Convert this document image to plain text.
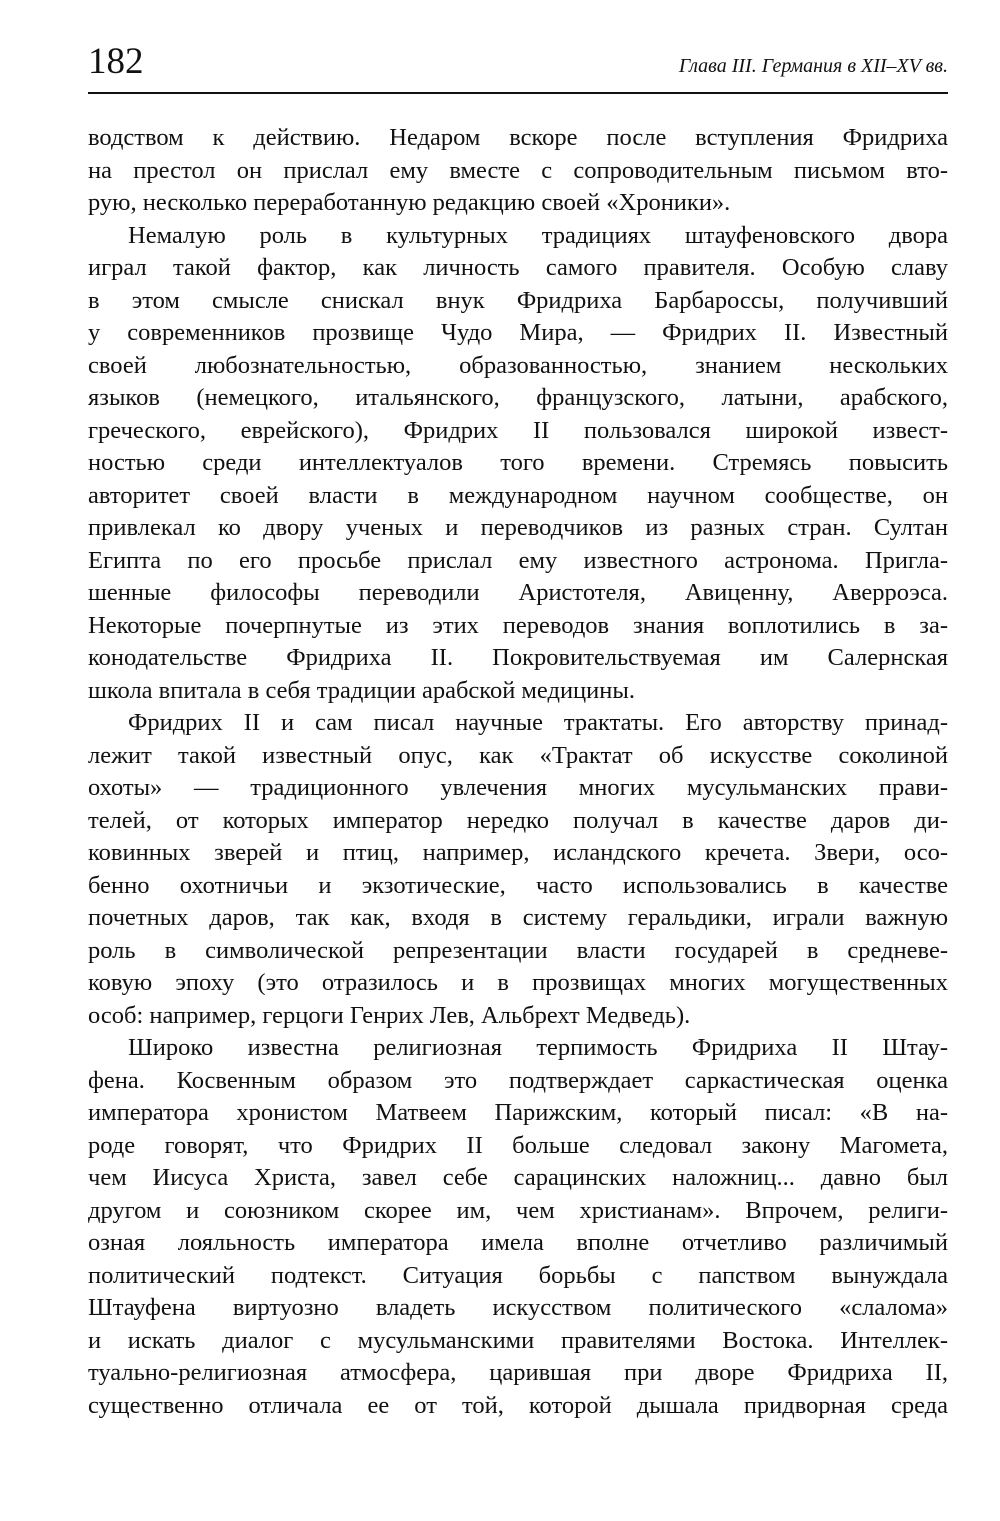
182	Глава III. Германия в XII–XV вв.
водством к действию. Недаром вскоре после вступления Фридриха
на престол он прислал ему вместе с сопроводительным письмом вто-
рую, несколько переработанную редакцию своей «Хроники».
Немалую роль в культурных традициях штауфеновского двора
играл такой фактор, как личность самого правителя. Особую славу
в этом смысле снискал внук Фридриха Барбароссы, получивший
у современников прозвище Чудо Мира, — Фридрих II. Известный
своей любознательностью, образованностью, знанием нескольких
языков (немецкого, итальянского, французского, латыни, арабского,
греческого, еврейского), Фридрих II пользовался широкой извест-
ностью среди интеллектуалов того времени. Стремясь повысить
авторитет своей власти в международном научном сообществе, он
привлекал ко двору ученых и переводчиков из разных стран. Султан
Египта по его просьбе прислал ему известного астронома. Пригла-
шенные философы переводили Аристотеля, Авиценну, Аверроэса.
Некоторые почерпнутые из этих переводов знания воплотились в за-
конодательстве Фридриха II. Покровительствуемая им Салернская
школа впитала в себя традиции арабской медицины.
Фридрих II и сам писал научные трактаты. Его авторству принад-
лежит такой известный опус, как «Трактат об искусстве соколиной
охоты» — традиционного увлечения многих мусульманских прави-
телей, от которых император нередко получал в качестве даров ди-
ковинных зверей и птиц, например, исландского кречета. Звери, осо-
бенно охотничьи и экзотические, часто использовались в качестве
почетных даров, так как, входя в систему геральдики, играли важную
роль в символической репрезентации власти государей в средневе-
ковую эпоху (это отразилось и в прозвищах многих могущественных
особ: например, герцоги Генрих Лев, Альбрехт Медведь).
Широко известна религиозная терпимость Фридриха II Штау-
фена. Косвенным образом это подтверждает саркастическая оценка
императора хронистом Матвеем Парижским, который писал: «В на-
роде говорят, что Фридрих II больше следовал закону Магомета,
чем Иисуса Христа, завел себе сарацинских наложниц... давно был
другом и союзником скорее им, чем христианам». Впрочем, религи-
озная лояльность императора имела вполне отчетливо различимый
политический подтекст. Ситуация борьбы с папством вынуждала
Штауфена виртуозно владеть искусством политического «слалома»
и искать диалог с мусульманскими правителями Востока. Интеллек-
туально-религиозная атмосфера, царившая при дворе Фридриха II,
существенно отличала ее от той, которой дышала придворная среда
